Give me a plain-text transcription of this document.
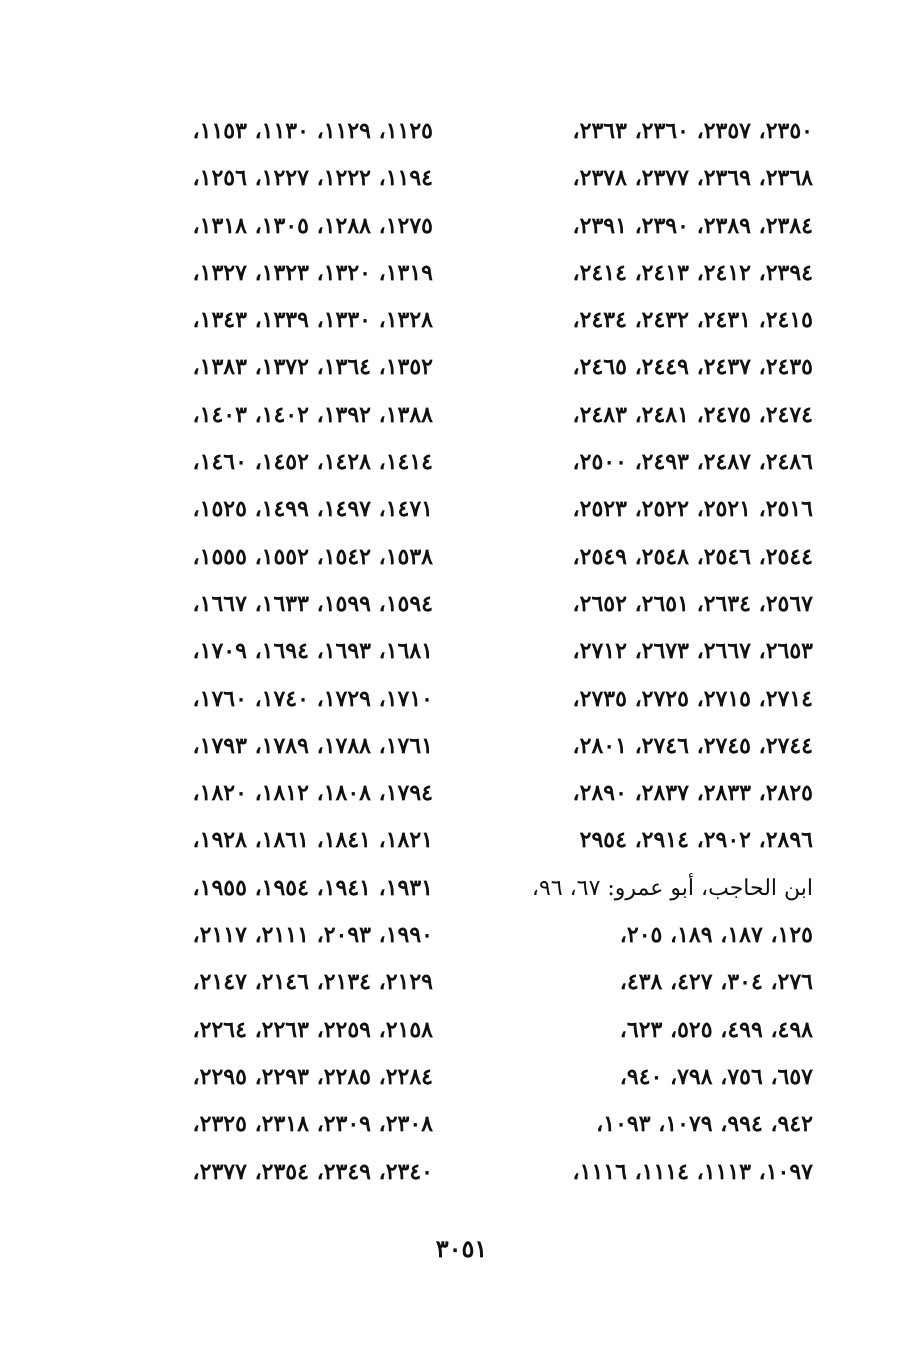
٢٣٥٠، ٢٣٥٧، ٢٣٦٠، ٢٣٦٣،
٢٣٦٨، ٢٣٦٩، ٢٣٧٧، ٢٣٧٨،
٢٣٨٤، ٢٣٨٩، ٢٣٩٠، ٢٣٩١،
٢٣٩٤، ٢٤١٢، ٢٤١٣، ٢٤١٤،
٢٤١٥، ٢٤٣١، ٢٤٣٢، ٢٤٣٤،
٢٤٣٥، ٢٤٣٧، ٢٤٤٩، ٢٤٦٥،
٢٤٧٤، ٢٤٧٥، ٢٤٨١، ٢٤٨٣،
٢٤٨٦، ٢٤٨٧، ٢٤٩٣، ٢٥٠٠،
٢٥١٦، ٢٥٢١، ٢٥٢٢، ٢٥٢٣،
٢٥٤٤، ٢٥٤٦، ٢٥٤٨، ٢٥٤٩،
٢٥٦٧، ٢٦٣٤، ٢٦٥١، ٢٦٥٢،
٢٦٥٣، ٢٦٦٧، ٢٦٧٣، ٢٧١٢،
٢٧١٤، ٢٧١٥، ٢٧٢٥، ٢٧٣٥،
٢٧٤٤، ٢٧٤٥، ٢٧٤٦، ٢٨٠١،
٢٨٢٥، ٢٨٣٣، ٢٨٣٧، ٢٨٩٠،
٢٨٩٦، ٢٩٠٢، ٢٩١٤، ٢٩٥٤
ابن الحاجب، أبو عمرو: ٦٧، ٩٦،
١٢٥، ١٨٧، ١٨٩، ٢٠٥،
٢٧٦، ٣٠٤، ٤٢٧، ٤٣٨،
٤٩٨، ٤٩٩، ٥٢٥، ٦٢٣،
٦٥٧، ٧٥٦، ٧٩٨، ٩٤٠،
٩٤٢، ٩٩٤، ١٠٧٩، ١٠٩٣،
١٠٩٧، ١١١٣، ١١١٤، ١١١٦،
١١٢٥، ١١٢٩، ١١٣٠، ١١٥٣،
١١٩٤، ١٢٢٢، ١٢٢٧، ١٢٥٦،
١٢٧٥، ١٢٨٨، ١٣٠٥، ١٣١٨،
١٣١٩، ١٣٢٠، ١٣٢٣، ١٣٢٧،
١٣٢٨، ١٣٣٠، ١٣٣٩، ١٣٤٣،
١٣٥٢، ١٣٦٤، ١٣٧٢، ١٣٨٣،
١٣٨٨، ١٣٩٢، ١٤٠٢، ١٤٠٣،
١٤١٤، ١٤٢٨، ١٤٥٢، ١٤٦٠،
١٤٧١، ١٤٩٧، ١٤٩٩، ١٥٢٥،
١٥٣٨، ١٥٤٢، ١٥٥٢، ١٥٥٥،
١٥٩٤، ١٥٩٩، ١٦٣٣، ١٦٦٧،
١٦٨١، ١٦٩٣، ١٦٩٤، ١٧٠٩،
١٧١٠، ١٧٢٩، ١٧٤٠، ١٧٦٠،
١٧٦١، ١٧٨٨، ١٧٨٩، ١٧٩٣،
١٧٩٤، ١٨٠٨، ١٨١٢، ١٨٢٠،
١٨٢١، ١٨٤١، ١٨٦١، ١٩٢٨،
١٩٣١، ١٩٤١، ١٩٥٤، ١٩٥٥،
١٩٩٠، ٢٠٩٣، ٢١١١، ٢١١٧،
٢١٢٩، ٢١٣٤، ٢١٤٦، ٢١٤٧،
٢١٥٨، ٢٢٥٩، ٢٢٦٣، ٢٢٦٤،
٢٢٨٤، ٢٢٨٥، ٢٢٩٣، ٢٢٩٥،
٢٣٠٨، ٢٣٠٩، ٢٣١٨، ٢٣٢٥،
٢٣٤٠، ٢٣٤٩، ٢٣٥٤، ٢٣٧٧،
٣٠٥١
